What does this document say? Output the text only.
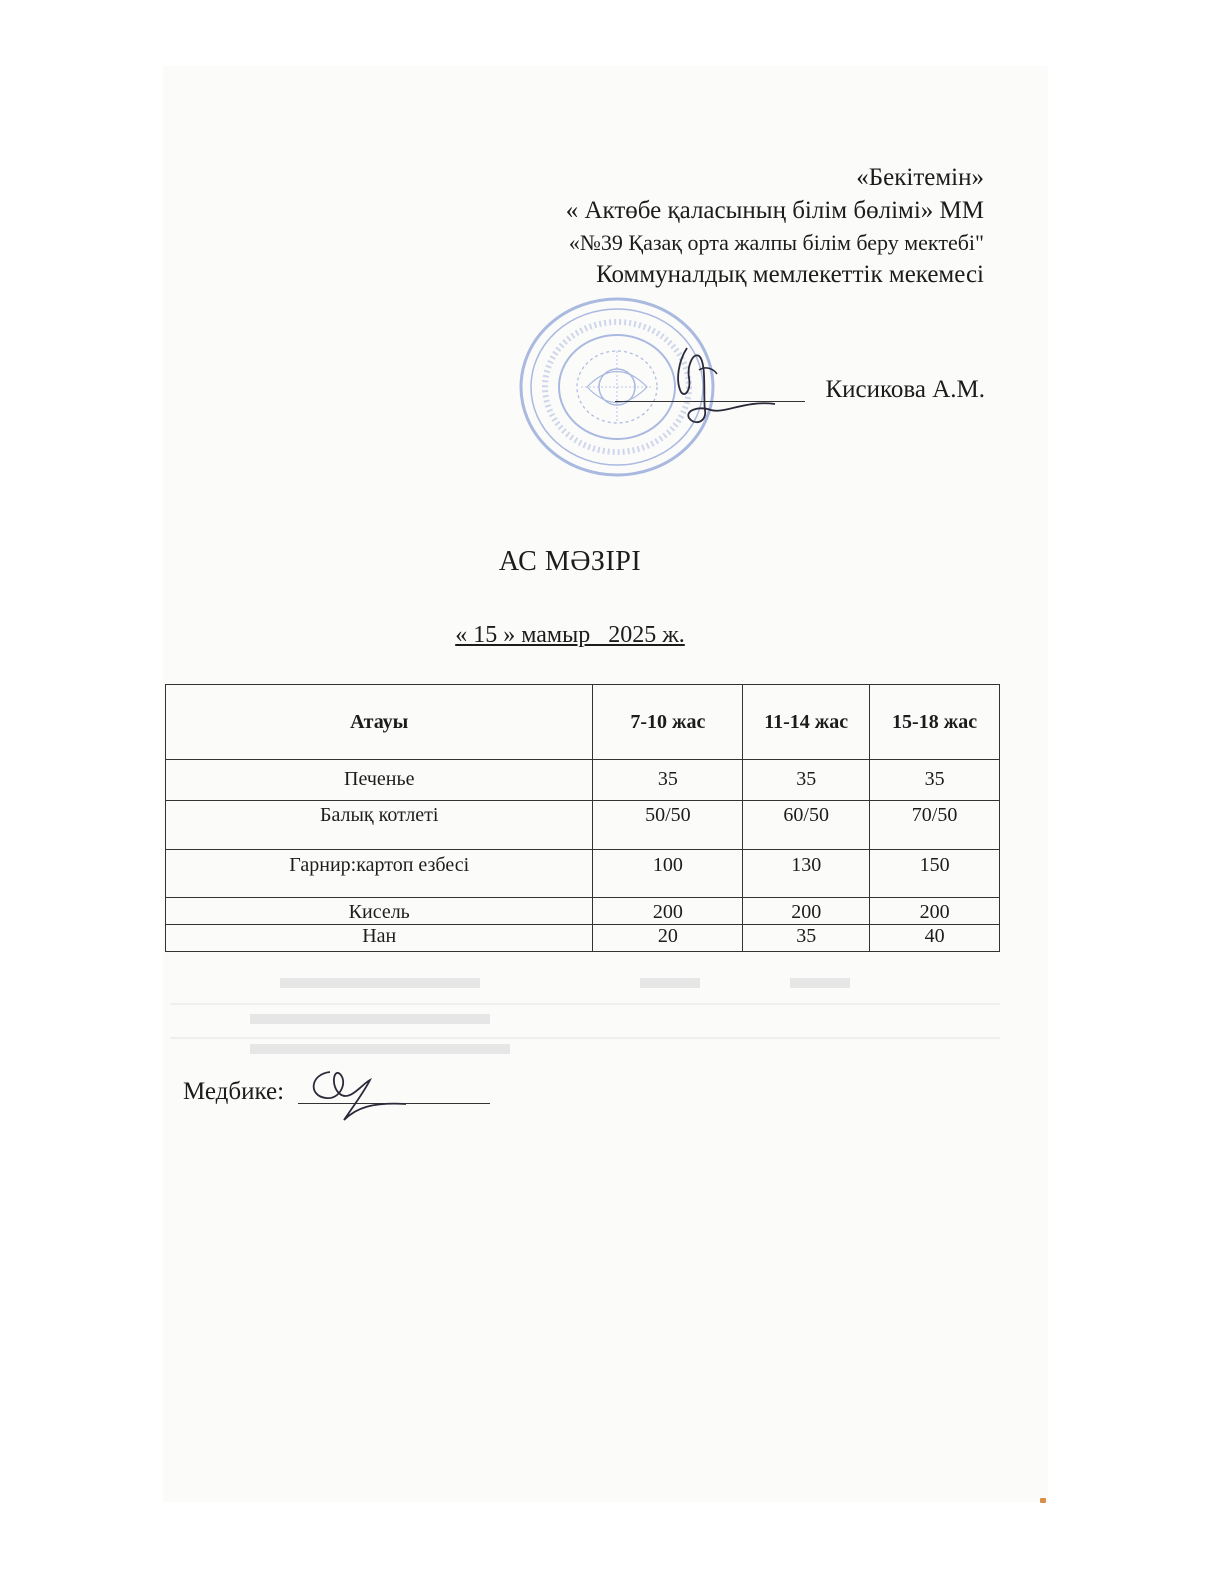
«Бекітемін»
« Актөбе қаласының білім бөлімі» ММ
«№39 Қазақ орта жалпы білім беру мектебі"
Коммуналдық мемлекеттік мекемесі
Кисикова А.М.
АС МӘЗІРІ
« 15 » мамыр   2025 ж.
Атауы	7-10 жас	11-14 жас	15-18 жас
Печенье	35	35	35
Балық котлеті	50/50	60/50	70/50
Гарнир:картоп езбесі	100	130	150
Кисель	200	200	200
Нан	20	35	40
Медбике:
